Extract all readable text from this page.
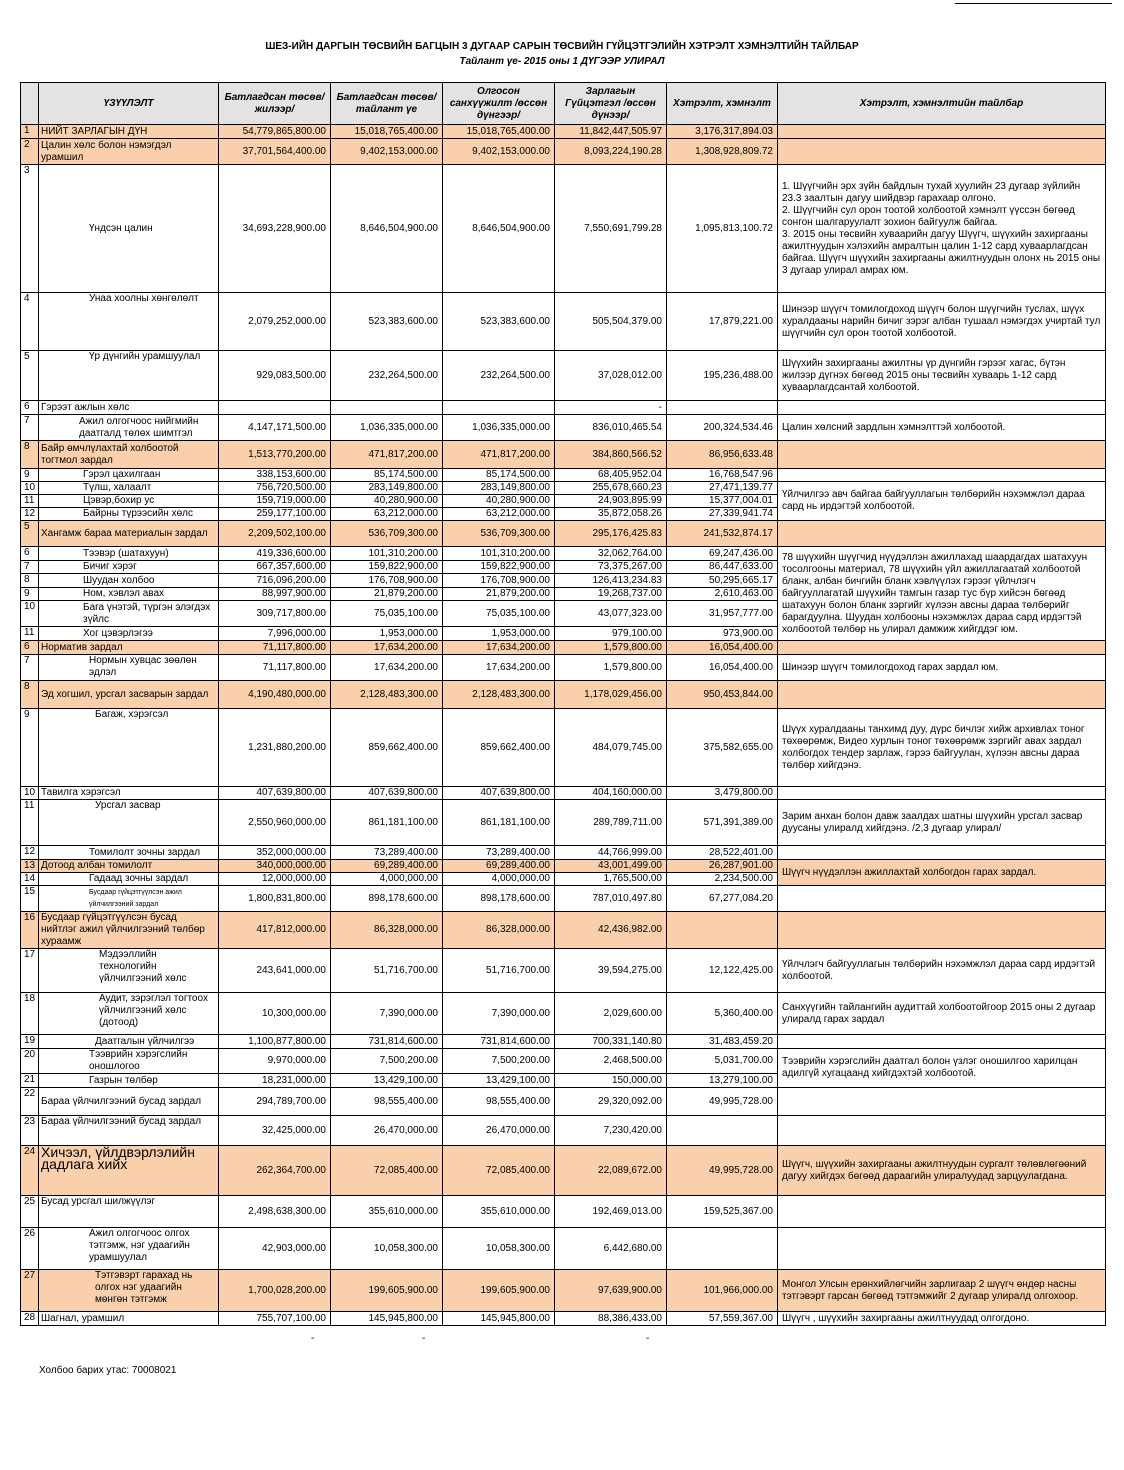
ШЕЗ-ИЙН ДАРГЫН ТӨСВИЙН БАГЦЫН 3 ДУГААР САРЫН ТӨСВИЙН ГҮЙЦЭТГЭЛИЙН ХЭТРЭЛТ ХЭМНЭЛТИЙН ТАЙЛБАР
Тайлант үе- 2015 оны 1 ДҮГЭЭР УЛИРАЛ
	ҮЗҮҮЛЭЛТ	Батлагдсан төсөв/жилээр/	Батлагдсан төсөв/тайлант үе	Олгосон санхүүжилт /өссөн дүнгээр/	Зарлагын Гүйцэтгэл /өссөн дүнээр/	Хэтрэлт, хэмнэлт	Хэтрэлт, хэмнэлтийн тайлбар
1	НИЙТ ЗАРЛАГЫН ДҮН	54,779,865,800.00	15,018,765,400.00	15,018,765,400.00	11,842,447,505.97	3,176,317,894.03	
2	Цалин хөлс болон нэмэгдэл урамшил	37,701,564,400.00	9,402,153,000.00	9,402,153,000.00	8,093,224,190.28	1,308,928,809.72	
3	Үндсэн цалин	34,693,228,900.00	8,646,504,900.00	8,646,504,900.00	7,550,691,799.28	1,095,813,100.72	1. Шүүгчийн эрх зүйн байдлын тухай хуулийн 23 дугаар зүйлийн 23.3 заалтын дагуу шийдвэр гарахаар олгоно.
2. Шүүгчийн сул орон тоотой холбоотой хэмнэлт үүссэн бөгөөд сонгон шалгаруулалт зохион байгуулж байгаа.
3. 2015 оны төсвийн хуваарийн дагуу Шүүгч, шүүхийн захиргааны ажилтнуудын хэлэхийн амралтын цалин 1-12 сард хуваарлагдсан байгаа. Шүүгч шүүхийн захиргааны ажилтнуудын олонх нь 2015 оны 3 дугаар улирал амрах юм.
4	Унаа хоолны хөнгөлөлт	2,079,252,000.00	523,383,600.00	523,383,600.00	505,504,379.00	17,879,221.00	Шинээр шүүгч томилогдоход шүүгч болон шүүгчийн туслах, шүүх хуралдааны нарийн бичиг зэрэг албан тушаал нэмэгдэх учиртай тул шүүгчийн сул орон тоотой холбоотой.
5	Үр дүнгийн урамшуулал	929,083,500.00	232,264,500.00	232,264,500.00	37,028,012.00	195,236,488.00	Шүүхийн захиргааны ажилтны үр дүнгийн гэрээг хагас, бүтэн жилээр дүгнэх бөгөөд 2015 оны төсвийн хуваарь 1-12 сард хуваарлагдсантай холбоотой.
6	Гэрээт ажлын хөлс				-		
7	Ажил олгогчоос нийгмийн даатгалд төлөх шимтгэл	4,147,171,500.00	1,036,335,000.00	1,036,335,000.00	836,010,465.54	200,324,534.46	Цалин хөлсний зардлын хэмнэлттэй холбоотой.
8	Байр өмчлүлахтай холбоотой тогтмол зардал	1,513,770,200.00	471,817,200.00	471,817,200.00	384,860,566.52	86,956,633.48	
9	Гэрэл цахилгаан	338,153,600.00	85,174,500.00	85,174,500.00	68,405,952.04	16,768,547.96	
10	Түлш, халаалт	756,720,500.00	283,149,800.00	283,149,800.00	255,678,660.23	27,471,139.77	Үйлчилгээ авч байгаа байгууллагын төлбөрийн нэхэмжлэл дараа сард нь ирдэгтэй холбоотой.
11	Цэвэр,бохир ус	159,719,000.00	40,280,900.00	40,280,900.00	24,903,895.99	15,377,004.01	
12	Байрны түрээсийн хөлс	259,177,100.00	63,212,000.00	63,212,000.00	35,872,058.26	27,339,941.74	
5	Хангамж бараа материалын зардал	2,209,502,100.00	536,709,300.00	536,709,300.00	295,176,425.83	241,532,874.17	
6	Тээвэр (шатахуун)	419,336,600.00	101,310,200.00	101,310,200.00	32,062,764.00	69,247,436.00	78 шүүхийн шүүгчид нүүдэллэн ажиллахад шаардагдах шатахуун тосолгооны материал, 78 шүүхийн үйл ажиллагаатай холбоотой бланк, албан бичгийн бланк хэвлүүлэх гэрээг үйлчлэгч байгууллагатай шүүхийн тамгын газар тус бүр хийсэн бөгөөд шатахуун болон бланк зэргийг хүлээн авсны дараа төлбөрийг барагдуулна. Шуудан холбооны нэхэмжлэх дараа сард ирдэгтэй холбоотой төлбөр нь улирал дамжиж хийгддэг юм.
7	Бичиг хэрэг	667,357,600.00	159,822,900.00	159,822,900.00	73,375,267.00	86,447,633.00	
8	Шуудан холбоо	716,096,200.00	176,708,900.00	176,708,900.00	126,413,234.83	50,295,665.17	
9	Ном, хэвлэл авах	88,997,900.00	21,879,200.00	21,879,200.00	19,268,737.00	2,610,463.00	
10	Бага үнэтэй, түргэн элэгдэх зүйлс	309,717,800.00	75,035,100.00	75,035,100.00	43,077,323.00	31,957,777.00	
11	Хог цэвэрлэгээ	7,996,000.00	1,953,000.00	1,953,000.00	979,100.00	973,900.00	
6	Норматив зардал	71,117,800.00	17,634,200.00	17,634,200.00	1,579,800.00	16,054,400.00	
7	Нормын хувцас зөөлөн эдлэл	71,117,800.00	17,634,200.00	17,634,200.00	1,579,800.00	16,054,400.00	Шинээр шүүгч томилогдоход гарах зардал юм.
8	Эд хогшил, урсгал засварын зардал	4,190,480,000.00	2,128,483,300.00	2,128,483,300.00	1,178,029,456.00	950,453,844.00	
9	Багаж, хэрэгсэл	1,231,880,200.00	859,662,400.00	859,662,400.00	484,079,745.00	375,582,655.00	Шүүх хуралдааны танхимд дуу, дүрс бичлэг хийж архивлах тоног төхөөрөмж, Видео хурлын тоног төхөөрөмж зэргийг авах зардал холбогдох тендер зарлаж, гэрээ байгуулан, хүлээн авсны дараа төлбөр хийгдэнэ.
10	Тавилга хэрэгсэл	407,639,800.00	407,639,800.00	407,639,800.00	404,160,000.00	3,479,800.00	
11	Урсгал засвар	2,550,960,000.00	861,181,100.00	861,181,100.00	289,789,711.00	571,391,389.00	Зарим анхан болон давж заалдах шатны шүүхийн урсгал засвар дуусаны улиралд хийгдэнэ. /2,3 дугаар улирал/
12	Томилолт зочны зардал	352,000,000.00	73,289,400.00	73,289,400.00	44,766,999.00	28,522,401.00	
13	Дотоод албан томилолт	340,000,000.00	69,289,400.00	69,289,400.00	43,001,499.00	26,287,901.00	Шүүгч нүүдэллэн ажиллахтай холбогдон гарах зардал.
14	Гадаад зочны зардал	12,000,000.00	4,000,000.00	4,000,000.00	1,765,500.00	2,234,500.00	
15	Бусдаар гүйцэтгүүлсэн ажил үйлчилгээний зардал	1,800,831,800.00	898,178,600.00	898,178,600.00	787,010,497.80	67,277,084.20	
16	Бусдаар гүйцэтгүүлсэн бусад нийтлэг ажил үйлчилгээний төлбөр хураамж	417,812,000.00	86,328,000.00	86,328,000.00	42,436,982.00		
17	Мэдээллийн технологийн үйлчилгээний хөлс	243,641,000.00	51,716,700.00	51,716,700.00	39,594,275.00	12,122,425.00	Үйлчлэгч байгууллагын төлбөрийн нэхэмжлэл дараа сард ирдэгтэй холбоотой.
18	Аудит, зэрэглэл тогтоох үйлчилгээний хөлс (дотоод)	10,300,000.00	7,390,000.00	7,390,000.00	2,029,600.00	5,360,400.00	Санхүүгийн тайлангийн аудиттай холбоотойгоор 2015 оны 2 дугаар улиралд гарах зардал
19	Даатгалын үйлчилгээ	1,100,877,800.00	731,814,600.00	731,814,600.00	700,331,140.80	31,483,459.20	
20	Тээврийн хэрэгслийн оношлогоо	9,970,000.00	7,500,200.00	7,500,200.00	2,468,500.00	5,031,700.00	Тээврийн хэрэгслийн даатгал болон үзлэг оношилгоо харилцан адилгүй хугацаанд хийгдэхтэй холбоотой.
21	Газрын төлбөр	18,231,000.00	13,429,100.00	13,429,100.00	150,000.00	13,279,100.00	
22	Бараа үйлчилгээний бусад зардал	294,789,700.00	98,555,400.00	98,555,400.00	29,320,092.00	49,995,728.00	
23	Бараа үйлчилгээний бусад зардал	32,425,000.00	26,470,000.00	26,470,000.00	7,230,420.00		
24	Хичээл, үйлдвэрлэлийн дадлага хийх	262,364,700.00	72,085,400.00	72,085,400.00	22,089,672.00	49,995,728.00	Шүүгч, шүүхийн захиргааны ажилтнуудын сургалт төлөвлөгөөний дагуу хийгдэх бөгөөд дараагийн улиралуудад зарцуулагдана.
25	Бусад урсгал шилжүүлэг	2,498,638,300.00	355,610,000.00	355,610,000.00	192,469,013.00	159,525,367.00	
26	Ажил олгогчоос олгох тэтгэмж, нэг удаагийн урамшуулал	42,903,000.00	10,058,300.00	10,058,300.00	6,442,680.00		
27	Тэтгэвэрт гарахад нь олгох нэг удаагийн мөнгөн тэтгэмж	1,700,028,200.00	199,605,900.00	199,605,900.00	97,639,900.00	101,966,000.00	Монгол Улсын ерөнхийлөгчийн зарлигаар 2 шүүгч өндөр насны тэтгэвэрт гарсан бөгөөд тэтгэмжийг 2 дугаар улиралд олгохоор.
28	Шагнал, урамшил	755,707,100.00	145,945,800.00	145,945,800.00	88,386,433.00	57,559,367.00	Шүүгч , шүүхийн захиргааны ажилтнуудад олгогдоно.
-	-	-
Холбоо барих утас: 70008021
